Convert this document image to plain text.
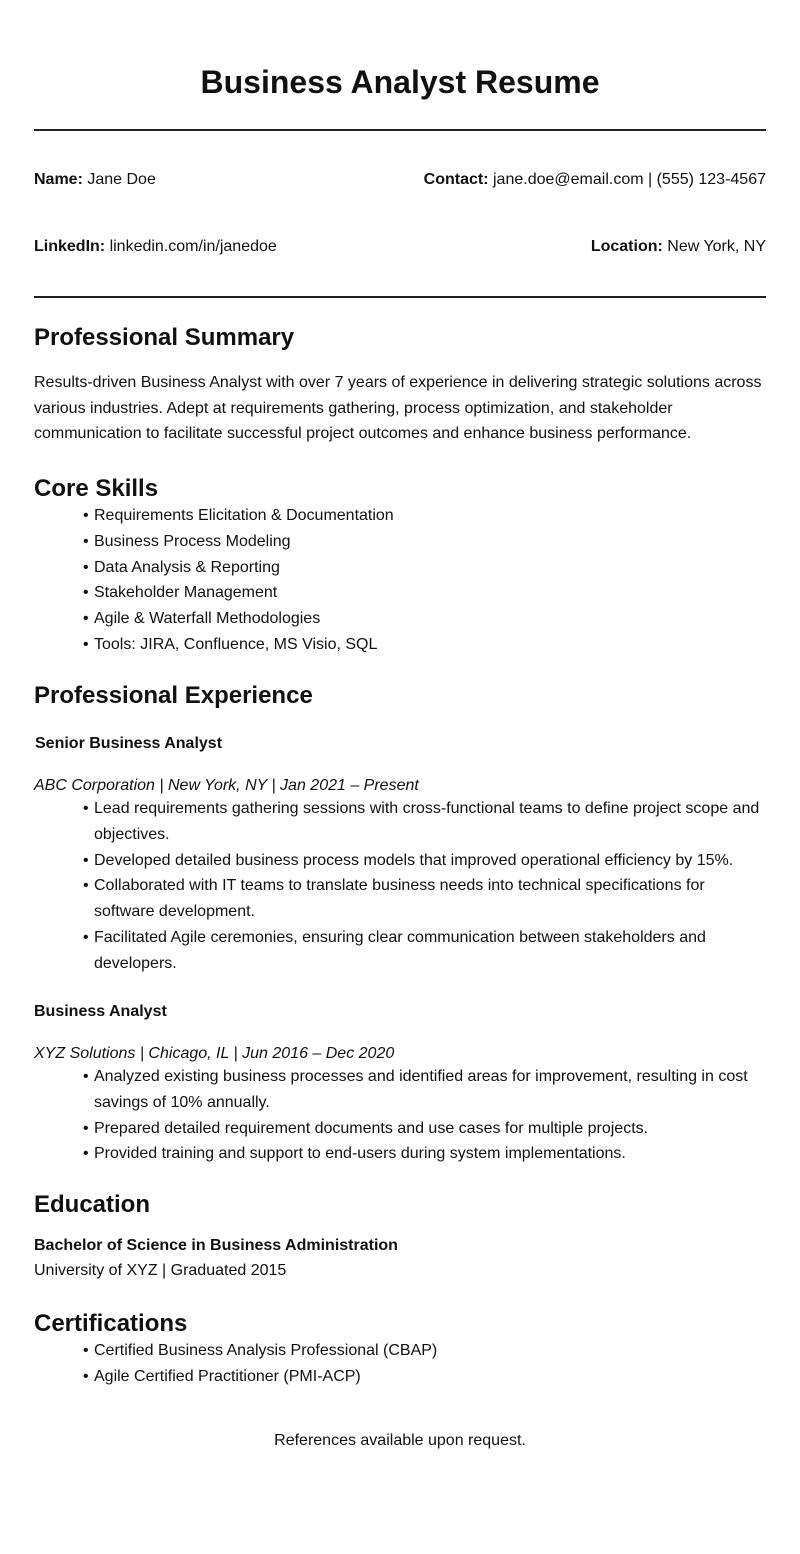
Business Analyst Resume
Name: Jane Doe	Contact: jane.doe@email.com | (555) 123-4567
LinkedIn: linkedin.com/in/janedoe	Location: New York, NY
Professional Summary

Results-driven Business Analyst with over 7 years of experience in delivering strategic solutions across various industries. Adept at requirements gathering, process optimization, and stakeholder communication to facilitate successful project outcomes and enhance business performance.

Core Skills
• Requirements Elicitation & Documentation
• Business Process Modeling
• Data Analysis & Reporting
• Stakeholder Management
• Agile & Waterfall Methodologies
• Tools: JIRA, Confluence, MS Visio, SQL
Professional Experience

Senior Business Analyst

ABC Corporation | New York, NY | Jan 2021 – Present

• Lead requirements gathering sessions with cross-functional teams to define project scope and objectives.
• Developed detailed business process models that improved operational efficiency by 15%.
• Collaborated with IT teams to translate business needs into technical specifications for software development.
• Facilitated Agile ceremonies, ensuring clear communication between stakeholders and developers.

Business Analyst

XYZ Solutions | Chicago, IL | Jun 2016 – Dec 2020

• Analyzed existing business processes and identified areas for improvement, resulting in cost savings of 10% annually.
• Prepared detailed requirement documents and use cases for multiple projects.
• Provided training and support to end-users during system implementations.
Education

Bachelor of Science in Business Administration

University of XYZ | Graduated 2015

Certifications
• Certified Business Analysis Professional (CBAP)
• Agile Certified Practitioner (PMI-ACP)

References available upon request.
